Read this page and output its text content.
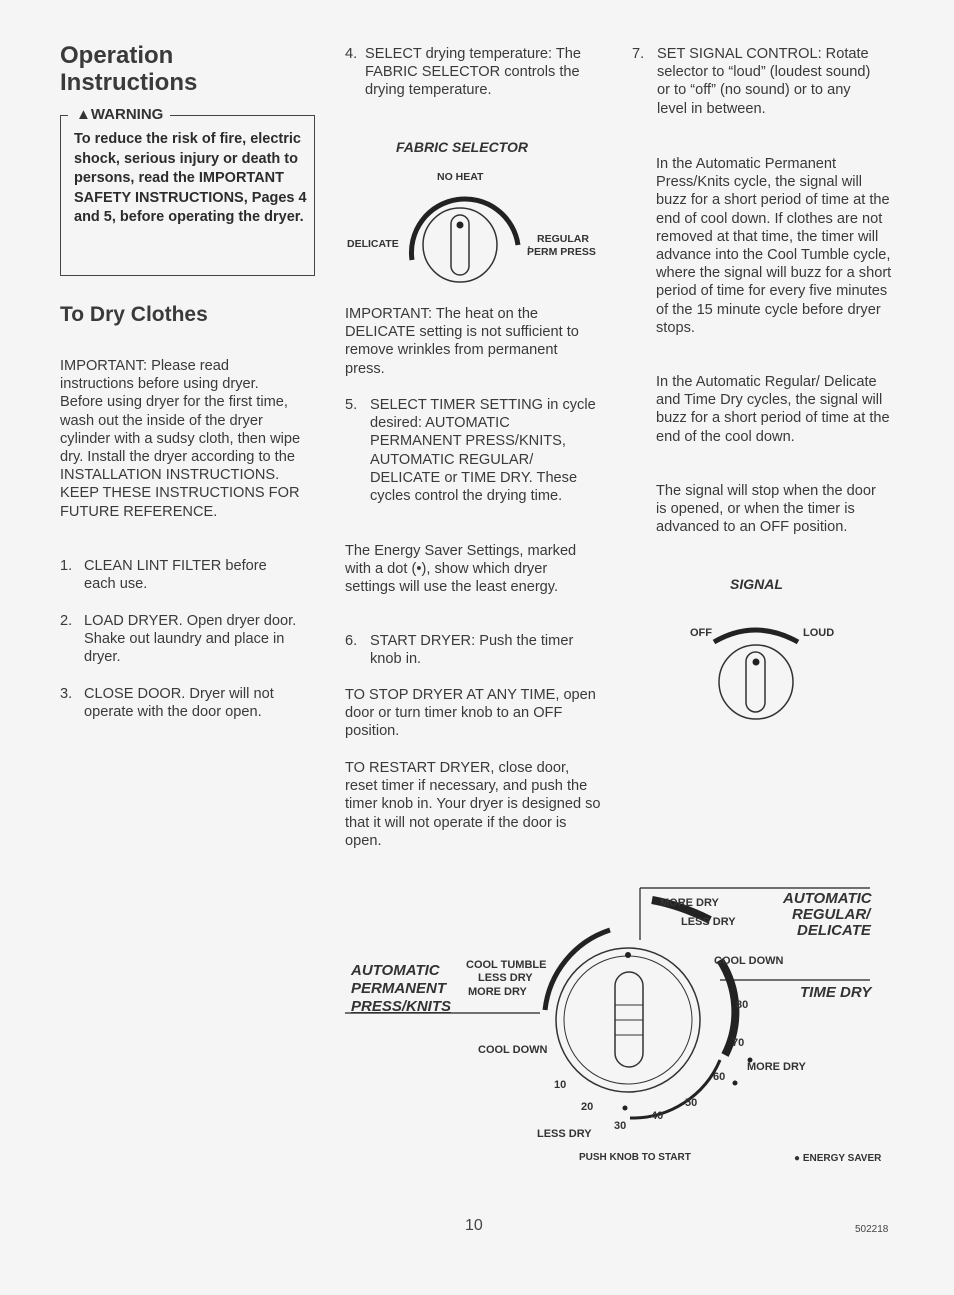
Operation
Instructions
▲WARNING
To reduce the risk of fire, electric shock, serious injury or death to persons, read the IMPORTANT SAFETY INSTRUCTIONS, Pages 4 and 5, before operating the dryer.
To Dry Clothes
IMPORTANT: Please read instructions before using dryer. Before using dryer for the first time, wash out the inside of the dryer cylinder with a sudsy cloth, then wipe dry. Install the dryer according to the INSTALLATION INSTRUCTIONS. KEEP THESE INSTRUCTIONS FOR FUTURE REFERENCE.
1. CLEAN LINT FILTER before each use.
2. LOAD DRYER. Open dryer door. Shake out laundry and place in dryer.
3. CLOSE DOOR. Dryer will not operate with the door open.
4. SELECT drying temperature: The FABRIC SELECTOR controls the drying temperature.
FABRIC SELECTOR
NO HEAT
DELICATE	REGULAR
PERM PRESS
IMPORTANT: The heat on the DELICATE setting is not sufficient to remove wrinkles from permanent press.
5. SELECT TIMER SETTING in cycle desired: AUTOMATIC PERMANENT PRESS/KNITS, AUTOMATIC REGULAR/ DELICATE or TIME DRY. These cycles control the drying time.
The Energy Saver Settings, marked with a dot (•), show which dryer settings will use the least energy.
6. START DRYER: Push the timer knob in.
TO STOP DRYER AT ANY TIME, open door or turn timer knob to an OFF position.
TO RESTART DRYER, close door, reset timer if necessary, and push the timer knob in. Your dryer is designed so that it will not operate if the door is open.
7. SET SIGNAL CONTROL: Rotate selector to “loud” (loudest sound) or to “off” (no sound) or to any level in between.
In the Automatic Permanent Press/Knits cycle, the signal will buzz for a short period of time at the end of cool down. If clothes are not removed at that time, the timer will advance into the Cool Tumble cycle, where the signal will buzz for a short period of time for every five minutes of the 15 minute cycle before dryer stops.
In the Automatic Regular/ Delicate and Time Dry cycles, the signal will buzz for a short period of time at the end of the cool down.
The signal will stop when the door is opened, or when the timer is advanced to an OFF position.
SIGNAL
OFF	LOUD
AUTOMATIC
REGULAR/
DELICATE
MORE DRY
LESS DRY
COOL DOWN
TIME DRY
AUTOMATIC
PERMANENT
PRESS/KNITS
COOL TUMBLE
LESS DRY
MORE DRY
COOL DOWN
80
70
60
50
40
30
20
10
MORE DRY
LESS DRY
PUSH KNOB TO START	● ENERGY SAVER
10	502218
